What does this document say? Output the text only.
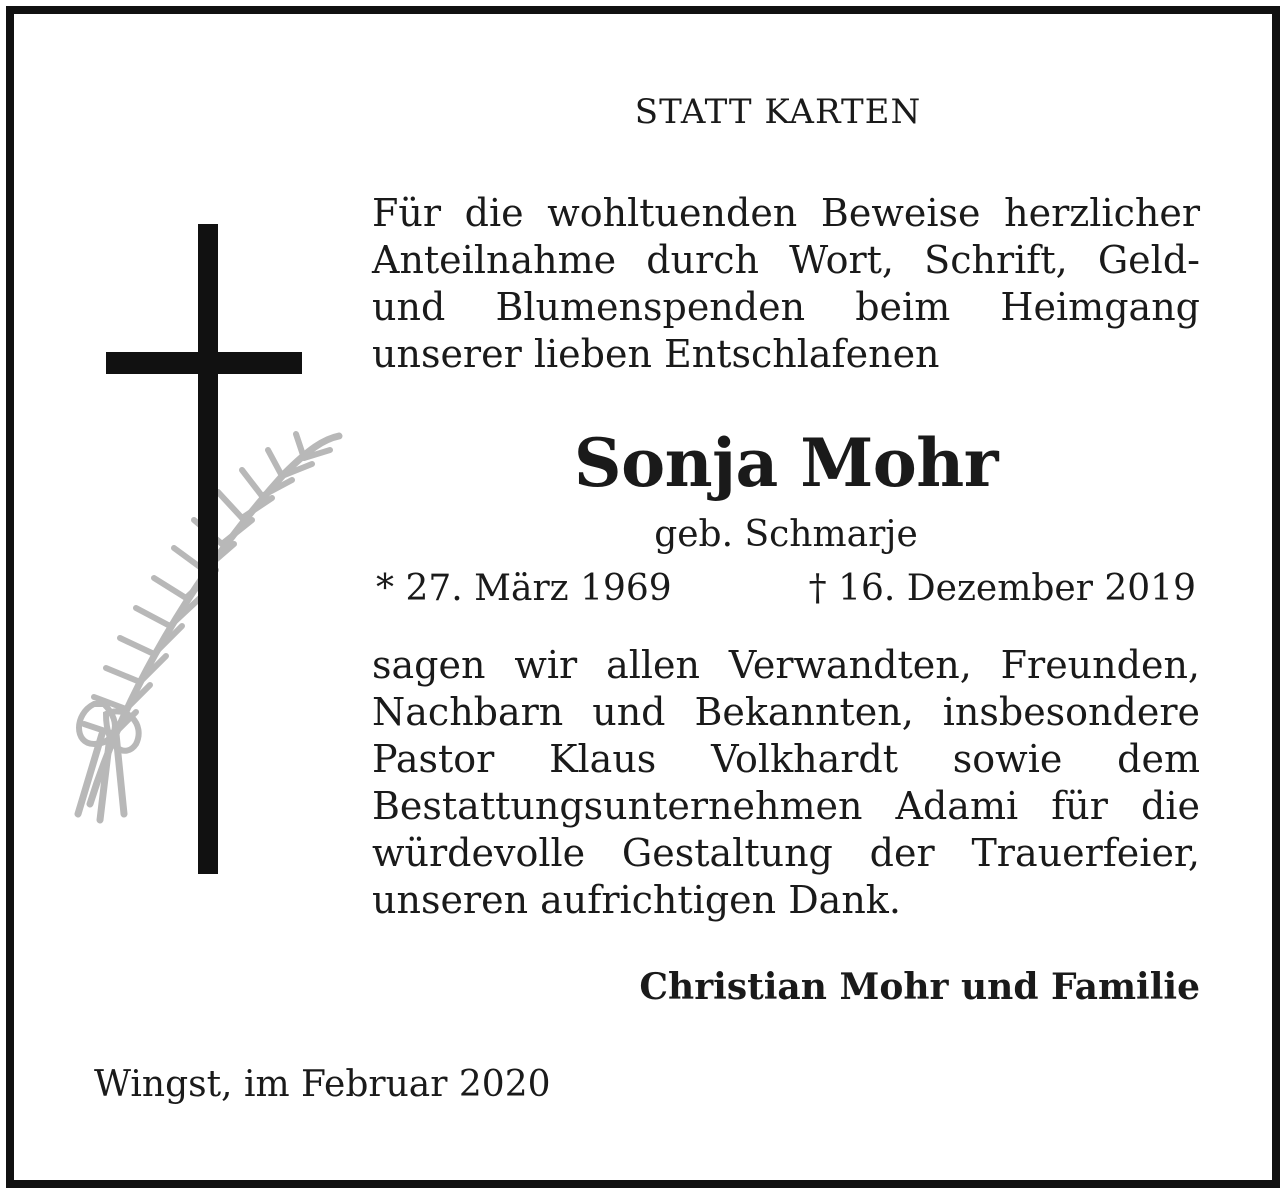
STATT KARTEN
Für die wohltuenden Beweise herzlicher Anteilnahme durch Wort, Schrift, Geld- und Blumenspenden beim Heimgang unserer lieben Entschlafenen
Sonja Mohr
geb. Schmarje
* 27. März 1969	† 16. Dezember 2019
sagen wir allen Verwandten, Freunden, Nachbarn und Bekannten, insbesondere Pastor Klaus Volkhardt sowie dem Bestattungsunternehmen Adami für die würdevolle Gestaltung der Trauerfeier, unseren aufrichtigen Dank.
Christian Mohr und Familie
Wingst, im Februar 2020
